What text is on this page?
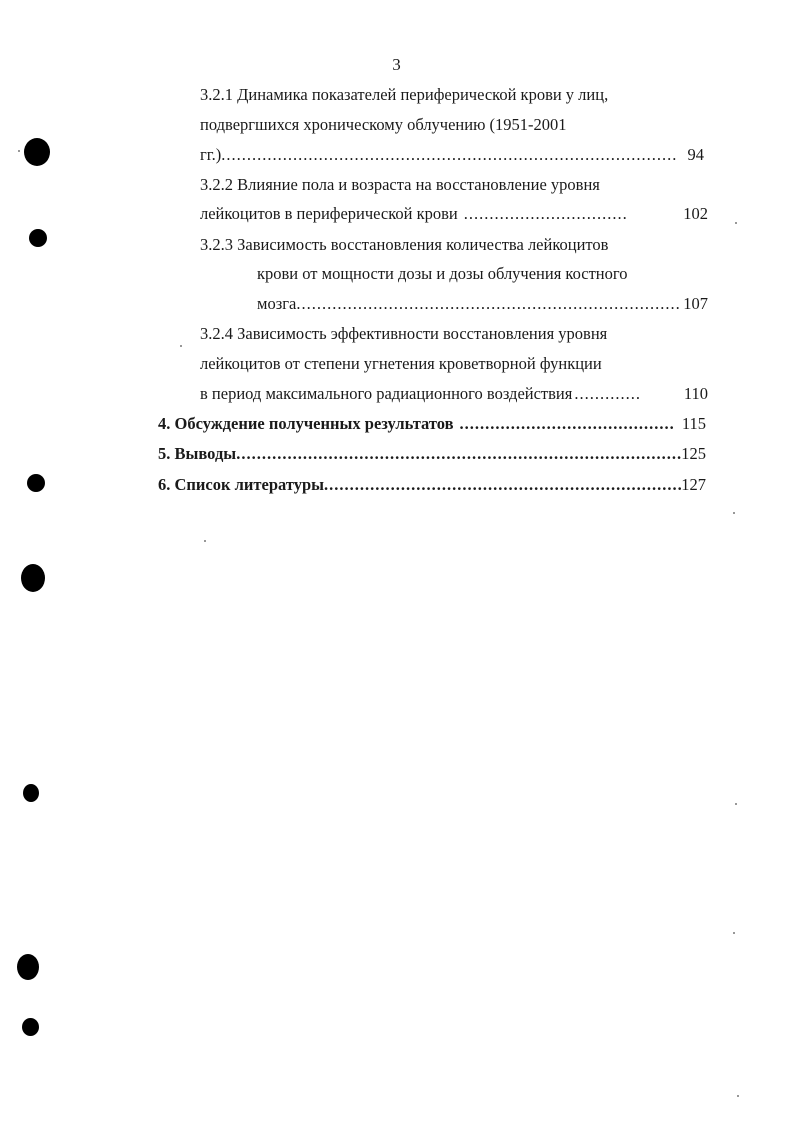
3
3.2.1 Динамика показателей периферической крови у лиц,
подвергшихся хроническому облучению (1951-2001
гг.) .....	94
3.2.2 Влияние пола и возраста на восстановление уровня
лейкоцитов в периферической крови .....	102
3.2.3 Зависимость восстановления количества лейкоцитов
крови от мощности дозы и дозы облучения костного
мозга .....	107
3.2.4 Зависимость эффективности восстановления уровня
лейкоцитов от степени угнетения кроветворной функции
в период максимального радиационного воздействия .....	110
4. Обсуждение полученных результатов .....	115
5. Выводы .....	125
6. Список литературы .....	127
